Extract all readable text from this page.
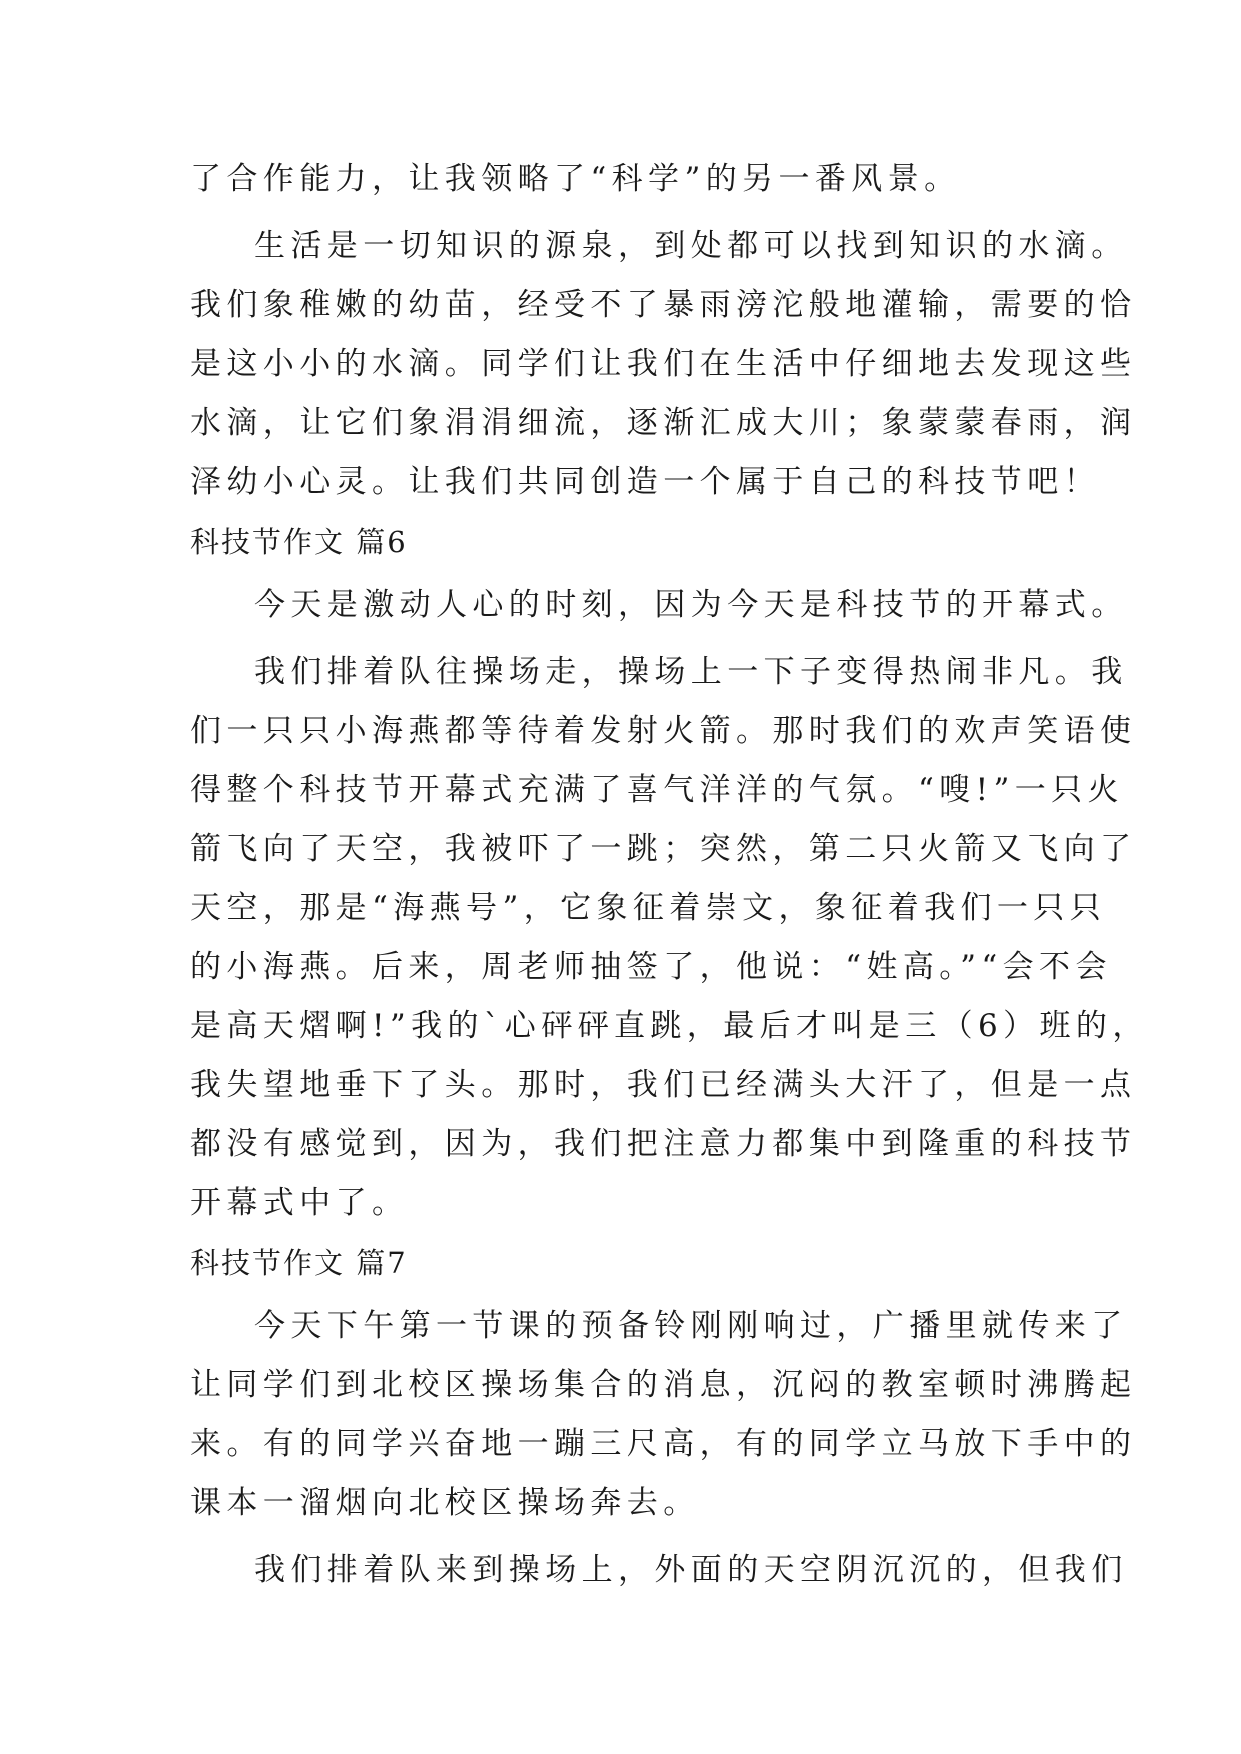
了合作能力，让我领略了“科学”的另一番风景。
生活是一切知识的源泉，到处都可以找到知识的水滴。
我们象稚嫩的幼苗，经受不了暴雨滂沱般地灌输，需要的恰
是这小小的水滴。同学们让我们在生活中仔细地去发现这些
水滴，让它们象涓涓细流，逐渐汇成大川；象蒙蒙春雨，润
泽幼小心灵。让我们共同创造一个属于自己的科技节吧！
科技节作文 篇6
今天是激动人心的时刻，因为今天是科技节的开幕式。
我们排着队往操场走，操场上一下子变得热闹非凡。我
们一只只小海燕都等待着发射火箭。那时我们的欢声笑语使
得整个科技节开幕式充满了喜气洋洋的气氛。“嗖!”一只火
箭飞向了天空，我被吓了一跳；突然，第二只火箭又飞向了
天空，那是“海燕号”，它象征着崇文，象征着我们一只只
的小海燕。后来，周老师抽签了，他说：“姓高。”“会不会
是高天熠啊!”我的`心砰砰直跳，最后才叫是三（6）班的，
我失望地垂下了头。那时，我们已经满头大汗了，但是一点
都没有感觉到，因为，我们把注意力都集中到隆重的科技节
开幕式中了。
科技节作文 篇7
今天下午第一节课的预备铃刚刚响过，广播里就传来了
让同学们到北校区操场集合的消息，沉闷的教室顿时沸腾起
来。有的同学兴奋地一蹦三尺高，有的同学立马放下手中的
课本一溜烟向北校区操场奔去。
我们排着队来到操场上，外面的天空阴沉沉的，但我们
